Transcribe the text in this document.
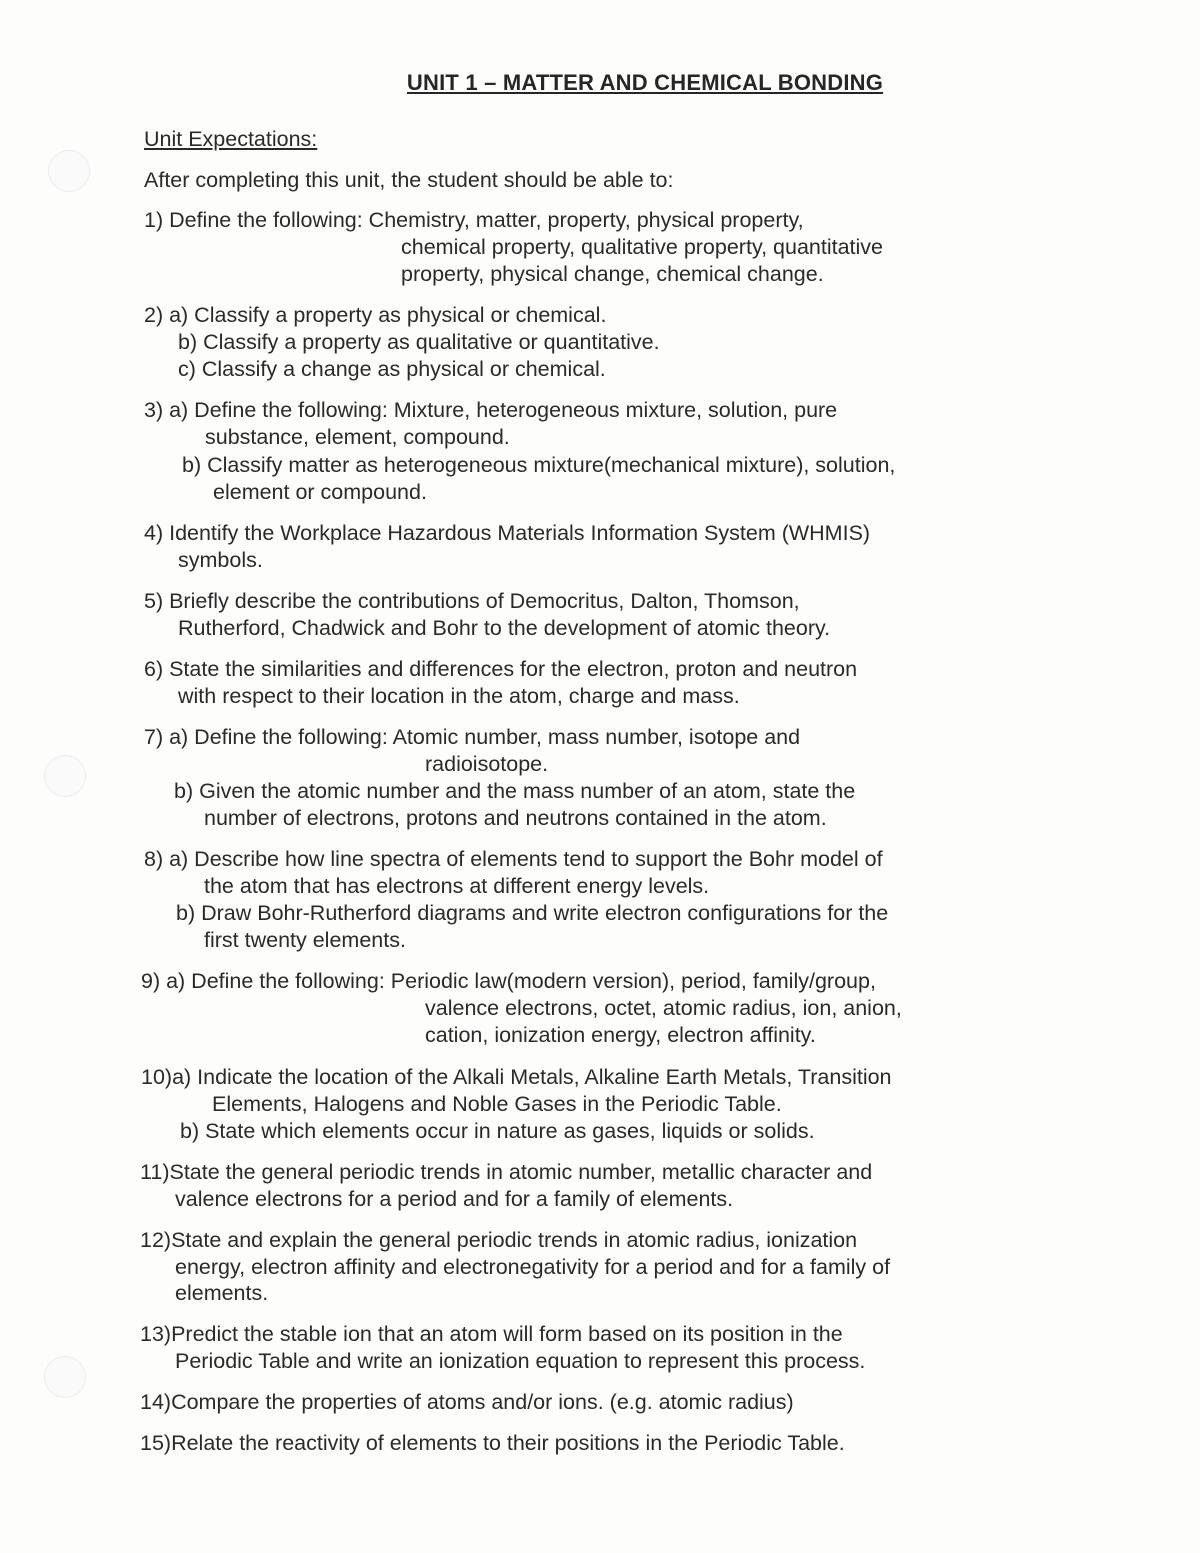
UNIT 1 – MATTER AND CHEMICAL BONDING
Unit Expectations:
After completing this unit, the student should be able to:
1) Define the following: Chemistry, matter, property, physical property,
chemical property, qualitative property, quantitative
property, physical change, chemical change.
2) a) Classify a property as physical or chemical.
b) Classify a property as qualitative or quantitative.
c) Classify a change as physical or chemical.
3) a) Define the following: Mixture, heterogeneous mixture, solution, pure
substance, element, compound.
b) Classify matter as heterogeneous mixture(mechanical mixture), solution,
element or compound.
4) Identify the Workplace Hazardous Materials Information System (WHMIS)
symbols.
5) Briefly describe the contributions of Democritus, Dalton, Thomson,
Rutherford, Chadwick and Bohr to the development of atomic theory.
6) State the similarities and differences for the electron, proton and neutron
with respect to their location in the atom, charge and mass.
7) a) Define the following: Atomic number, mass number, isotope and
radioisotope.
b) Given the atomic number and the mass number of an atom, state the
number of electrons, protons and neutrons contained in the atom.
8) a) Describe how line spectra of elements tend to support the Bohr model of
the atom that has electrons at different energy levels.
b) Draw Bohr-Rutherford diagrams and write electron configurations for the
first twenty elements.
9) a) Define the following: Periodic law(modern version), period, family/group,
valence electrons, octet, atomic radius, ion, anion,
cation, ionization energy, electron affinity.
10)a) Indicate the location of the Alkali Metals, Alkaline Earth Metals, Transition
Elements, Halogens and Noble Gases in the Periodic Table.
b) State which elements occur in nature as gases, liquids or solids.
11)State the general periodic trends in atomic number, metallic character and
valence electrons for a period and for a family of elements.
12)State and explain the general periodic trends in atomic radius, ionization
energy, electron affinity and electronegativity for a period and for a family of
elements.
13)Predict the stable ion that an atom will form based on its position in the
Periodic Table and write an ionization equation to represent this process.
14)Compare the properties of atoms and/or ions. (e.g. atomic radius)
15)Relate the reactivity of elements to their positions in the Periodic Table.
